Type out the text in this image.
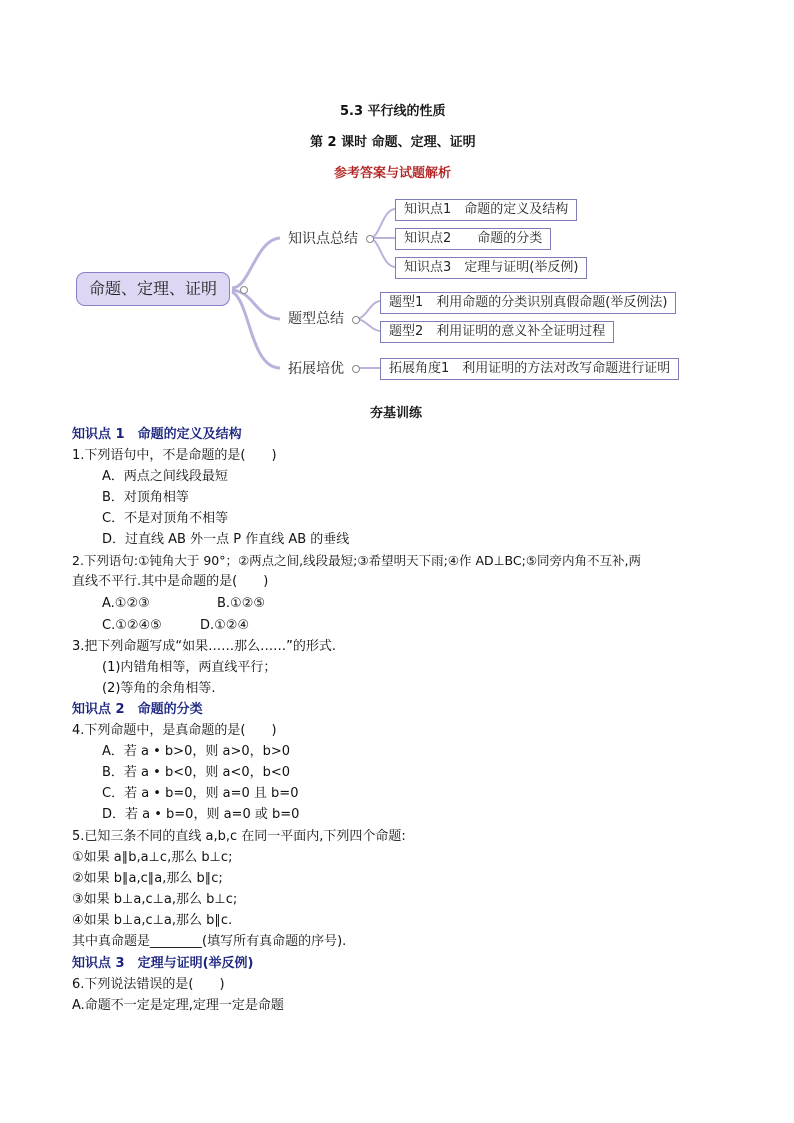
5.3 平行线的性质
第 2 课时 命题、定理、证明
参考答案与试题解析
命题、定理、证明
知识点总结
题型总结
拓展培优
知识点1　命题的定义及结构
知识点2　　命题的分类
知识点3　定理与证明(举反例)
题型1　利用命题的分类识别真假命题(举反例法)
题型2　利用证明的意义补全证明过程
拓展角度1　利用证明的方法对改写命题进行证明
夯基训练
知识点 1　命题的定义及结构
1.下列语句中，不是命题的是(　　)
A．两点之间线段最短
B．对顶角相等
C．不是对顶角不相等
D．过直线 AB 外一点 P 作直线 AB 的垂线
2.下列语句:①钝角大于 90°；②两点之间,线段最短;③希望明天下雨;④作 AD⊥BC;⑤同旁内角不互补,两
直线不平行.其中是命题的是(　　)
A.①②③	B.①②⑤
C.①②④⑤	D.①②④
3.把下列命题写成“如果……那么……”的形式.
(1)内错角相等，两直线平行；
(2)等角的余角相等.
知识点 2　命题的分类
4.下列命题中，是真命题的是(　　)
A．若 a • b>0，则 a>0，b>0
B．若 a • b<0，则 a<0，b<0
C．若 a • b=0，则 a=0 且 b=0
D．若 a • b=0，则 a=0 或 b=0
5.已知三条不同的直线 a,b,c 在同一平面内,下列四个命题:
①如果 a∥b,a⊥c,那么 b⊥c;
②如果 b∥a,c∥a,那么 b∥c;
③如果 b⊥a,c⊥a,那么 b⊥c;
④如果 b⊥a,c⊥a,那么 b∥c.
其中真命题是________(填写所有真命题的序号).
知识点 3　定理与证明(举反例)
6.下列说法错误的是(　　)
A.命题不一定是定理,定理一定是命题
